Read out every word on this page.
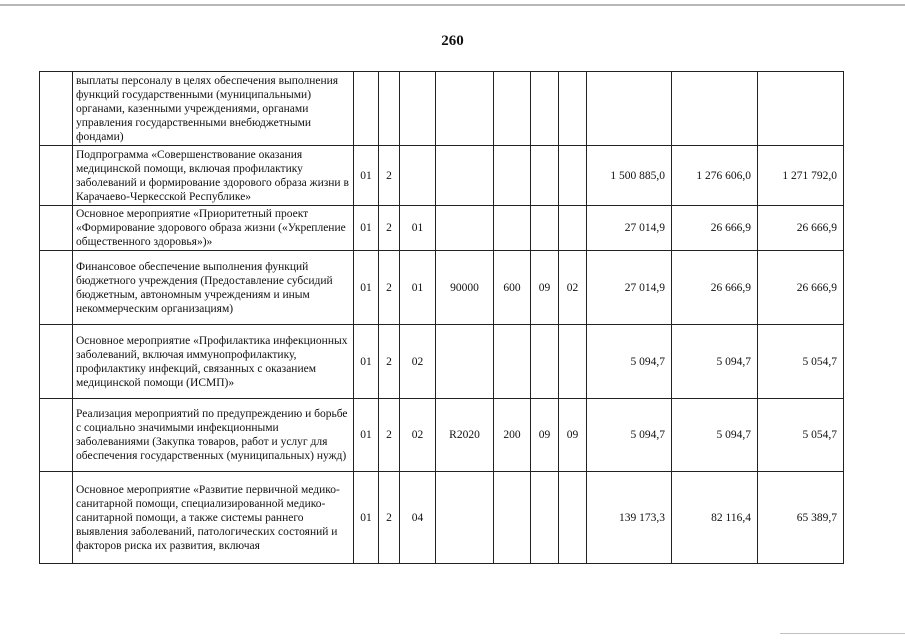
260
	выплаты персоналу в целях обеспечения выполнения функций государственными (муниципальными) органами, казенными учреждениями, органами управления государственными внебюджетными фондами)										
	Подпрограмма «Совершенствование оказания медицинской помощи, включая профилактику заболеваний и формирование здорового образа жизни в Карачаево-Черкесской Республике»	01	2						1 500 885,0	1 276 606,0	1 271 792,0
	Основное мероприятие «Приоритетный проект «Формирование здорового образа жизни («Укрепление общественного здоровья»)»	01	2	01					27 014,9	26 666,9	26 666,9
	Финансовое обеспечение выполнения функций бюджетного учреждения (Предоставление субсидий бюджетным, автономным учреждениям и иным некоммерческим организациям)	01	2	01	90000	600	09	02	27 014,9	26 666,9	26 666,9
	Основное мероприятие «Профилактика инфекционных заболеваний, включая иммунопрофилактику, профилактику инфекций, связанных с оказанием медицинской помощи (ИСМП)»	01	2	02					5 094,7	5 094,7	5 054,7
	Реализация мероприятий по предупреждению и борьбе с социально значимыми инфекционными заболеваниями (Закупка товаров, работ и услуг для обеспечения государственных (муниципальных) нужд)	01	2	02	R2020	200	09	09	5 094,7	5 094,7	5 054,7
	Основное мероприятие «Развитие первичной медико-санитарной помощи, специализированной медико-санитарной помощи, а также системы раннего выявления заболеваний, патологических состояний и факторов риска их развития, включая	01	2	04					139 173,3	82 116,4	65 389,7
